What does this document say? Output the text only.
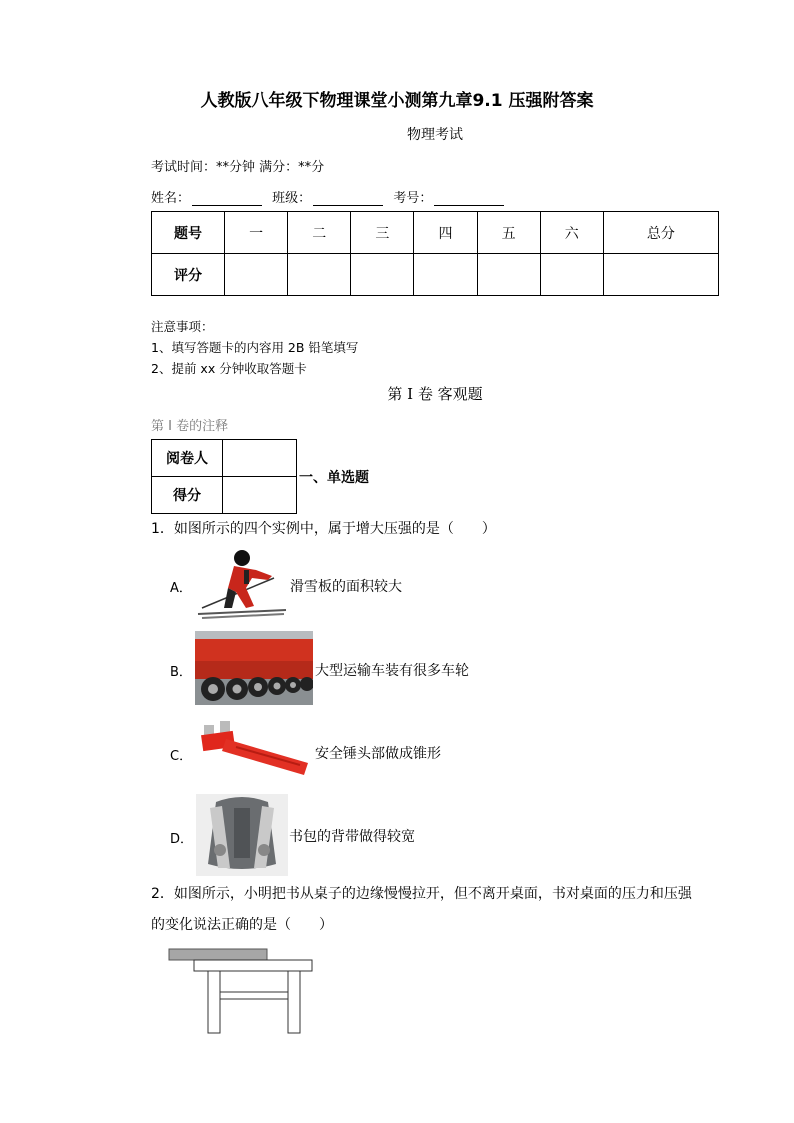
人教版八年级下物理课堂小测第九章9.1 压强附答案
物理考试
考试时间：**分钟 满分：**分
姓名：	班级：	考号：
题号	一	二	三	四	五	六	总分
评分							
注意事项：
1、填写答题卡的内容用 2B 铅笔填写
2、提前 xx 分钟收取答题卡
第 I 卷 客观题
第 I 卷的注释
阅卷人	
得分	
一、单选题
1．如图所示的四个实例中，属于增大压强的是（　　）
A．	滑雪板的面积较大
B．	大型运输车装有很多车轮
C．	安全锤头部做成锥形
D．	书包的背带做得较宽
2．如图所示，小明把书从桌子的边缘慢慢拉开，但不离开桌面，书对桌面的压力和压强
的变化说法正确的是（　　）
